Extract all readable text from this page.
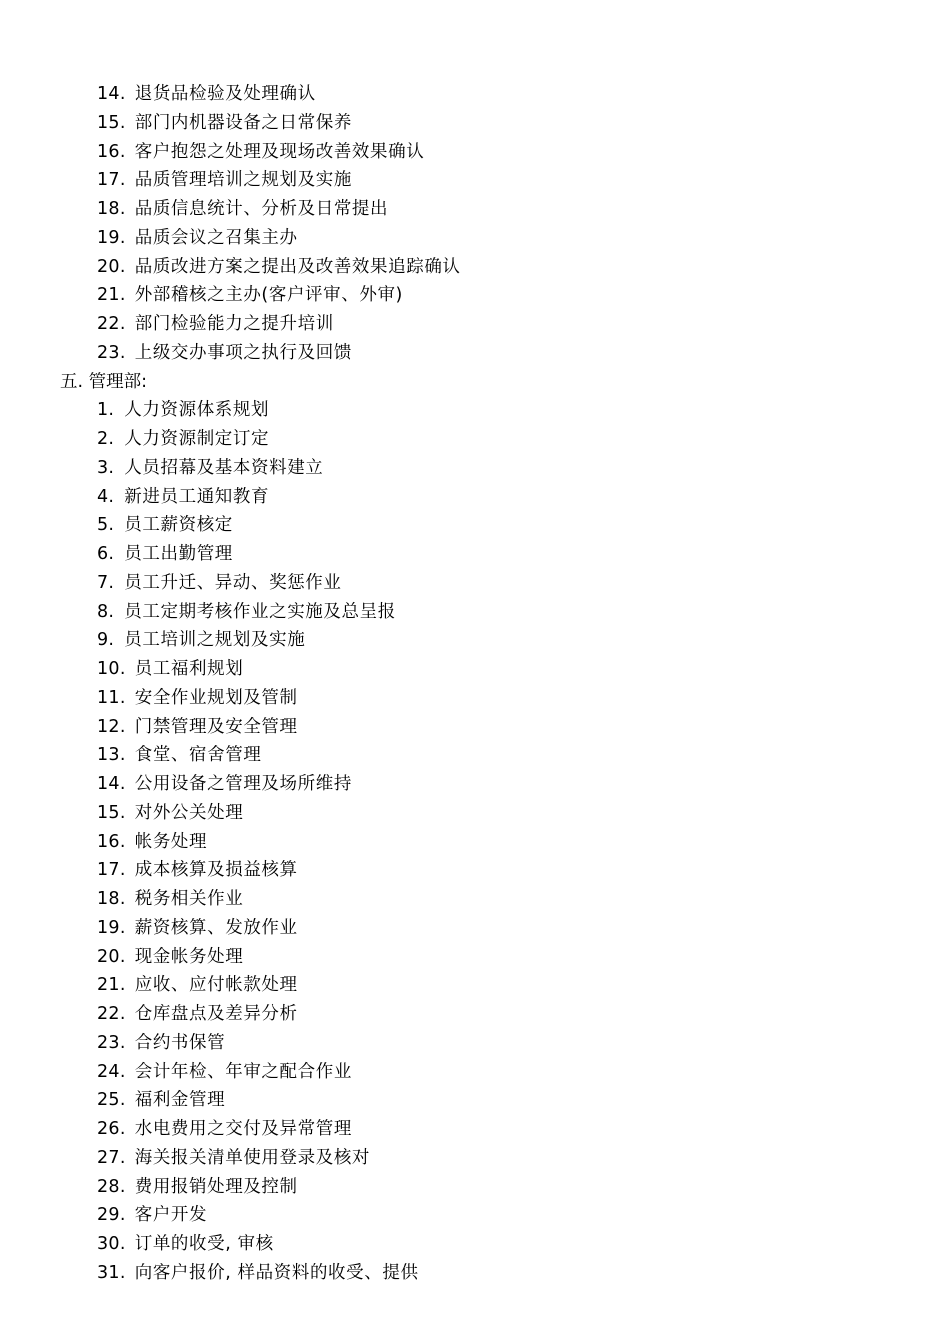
14. 退货品检验及处理确认
15. 部门内机器设备之日常保养
16. 客户抱怨之处理及现场改善效果确认
17. 品质管理培训之规划及实施
18. 品质信息统计、分析及日常提出
19. 品质会议之召集主办
20. 品质改进方案之提出及改善效果追踪确认
21. 外部稽核之主办(客户评审、外审)
22. 部门检验能力之提升培训
23. 上级交办事项之执行及回馈
五. 管理部:
1. 人力资源体系规划
2. 人力资源制定订定
3. 人员招幕及基本资料建立
4. 新进员工通知教育
5. 员工薪资核定
6. 员工出勤管理
7. 员工升迁、异动、奖惩作业
8. 员工定期考核作业之实施及总呈报
9. 员工培训之规划及实施
10. 员工福利规划
11. 安全作业规划及管制
12. 门禁管理及安全管理
13. 食堂、宿舍管理
14. 公用设备之管理及场所维持
15. 对外公关处理
16. 帐务处理
17. 成本核算及损益核算
18. 税务相关作业
19. 薪资核算、发放作业
20. 现金帐务处理
21. 应收、应付帐款处理
22. 仓库盘点及差异分析
23. 合约书保管
24. 会计年检、年审之配合作业
25. 福利金管理
26. 水电费用之交付及异常管理
27. 海关报关清单使用登录及核对
28. 费用报销处理及控制
29. 客户开发
30. 订单的收受, 审核
31. 向客户报价, 样品资料的收受、提供
